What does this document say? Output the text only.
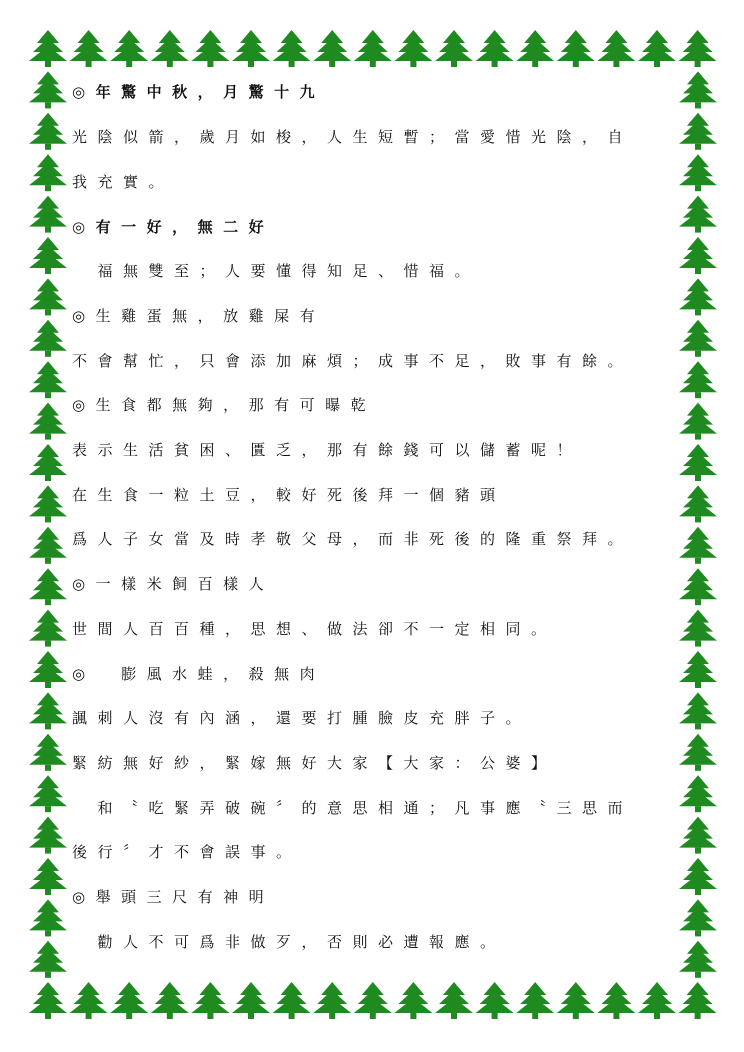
◎年驚中秋，月驚十九
光陰似箭，歲月如梭，人生短暫；當愛惜光陰，自
我充實。
◎有一好，無二好
　福無雙至；人要懂得知足、惜福。
◎生雞蛋無，放雞屎有
不會幫忙，只會添加麻煩；成事不足，敗事有餘。
◎生食都無夠，那有可曝乾
表示生活貧困、匱乏，那有餘錢可以儲蓄呢！
在生食一粒土豆，較好死後拜一個豬頭
爲人子女當及時孝敬父母，而非死後的隆重祭拜。
◎一樣米飼百樣人
世間人百百種，思想、做法卻不一定相同。
◎　膨風水蛙，殺無肉
諷刺人沒有內涵，還要打腫臉皮充胖子。
緊紡無好紗，緊嫁無好大家【大家：公婆】
　和〝吃緊弄破碗〞的意思相通；凡事應〝三思而
後行〞才不會誤事。
◎舉頭三尺有神明
　勸人不可爲非做歹，否則必遭報應。
